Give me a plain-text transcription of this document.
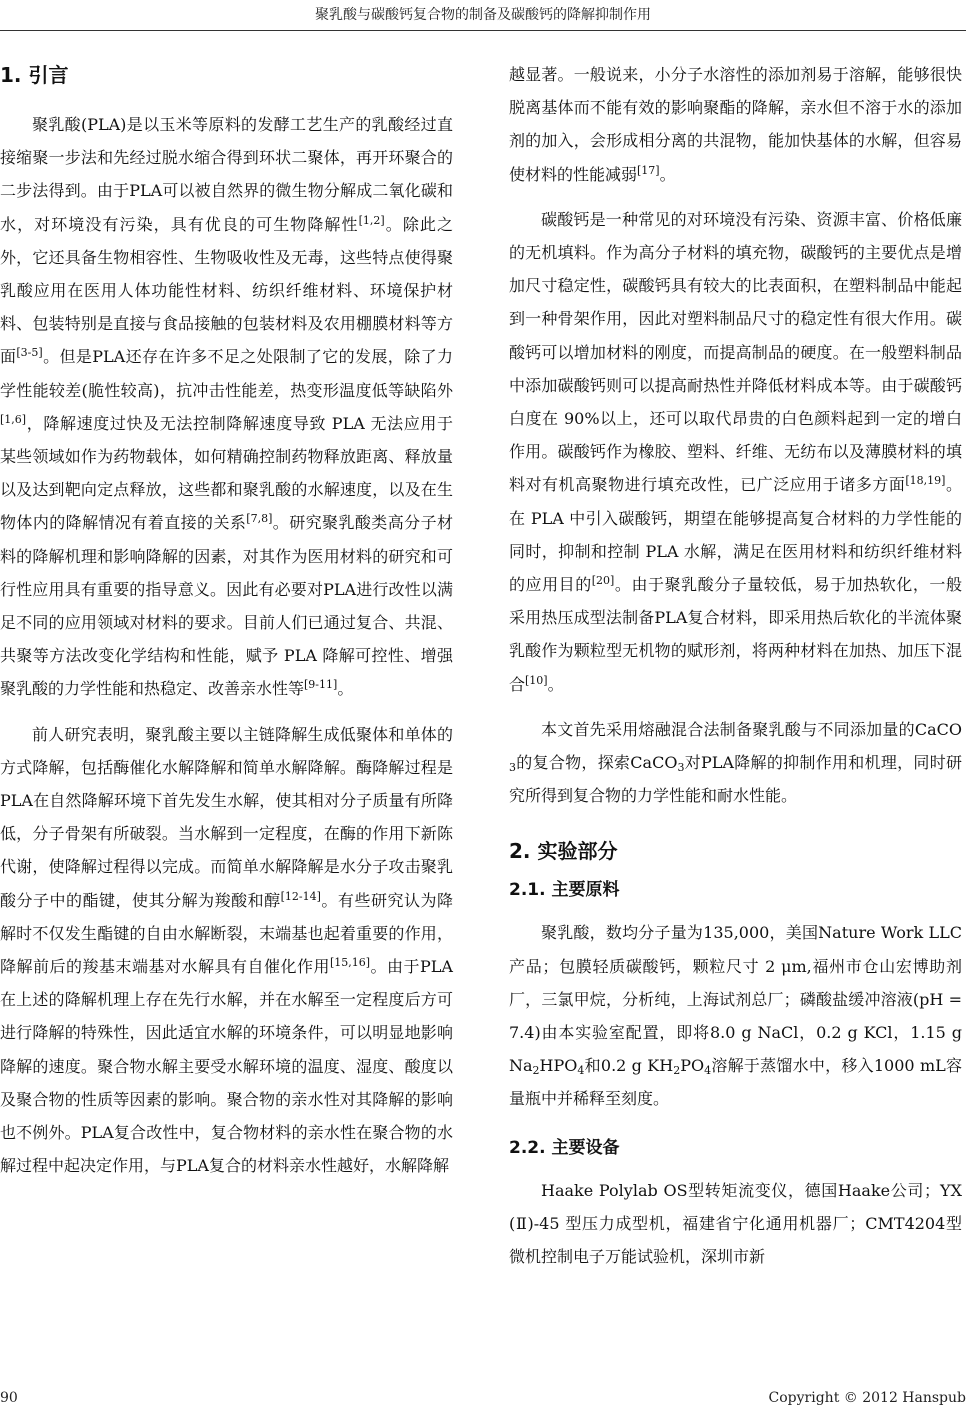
聚乳酸与碳酸钙复合物的制备及碳酸钙的降解抑制作用
1. 引言

聚乳酸(PLA)是以玉米等原料的发酵工艺生产的乳酸经过直接缩聚一步法和先经过脱水缩合得到环状二聚体，再开环聚合的二步法得到。由于PLA可以被自然界的微生物分解成二氧化碳和水，对环境没有污染，具有优良的可生物降解性[1,2]。除此之外，它还具备生物相容性、生物吸收性及无毒，这些特点使得聚乳酸应用在医用人体功能性材料、纺织纤维材料、环境保护材料、包装特别是直接与食品接触的包装材料及农用棚膜材料等方面[3-5]。但是PLA还存在许多不足之处限制了它的发展，除了力学性能较差(脆性较高)，抗冲击性能差，热变形温度低等缺陷外[1,6]，降解速度过快及无法控制降解速度导致 PLA 无法应用于某些领域如作为药物载体，如何精确控制药物释放距离、释放量以及达到靶向定点释放，这些都和聚乳酸的水解速度，以及在生物体内的降解情况有着直接的关系[7,8]。研究聚乳酸类高分子材料的降解机理和影响降解的因素，对其作为医用材料的研究和可行性应用具有重要的指导意义。因此有必要对PLA进行改性以满足不同的应用领域对材料的要求。目前人们已通过复合、共混、共聚等方法改变化学结构和性能，赋予 PLA 降解可控性、增强聚乳酸的力学性能和热稳定、改善亲水性等[9-11]。

前人研究表明，聚乳酸主要以主链降解生成低聚体和单体的方式降解，包括酶催化水解降解和简单水解降解。酶降解过程是PLA在自然降解环境下首先发生水解，使其相对分子质量有所降低，分子骨架有所破裂。当水解到一定程度，在酶的作用下新陈代谢，使降解过程得以完成。而简单水解降解是水分子攻击聚乳酸分子中的酯键，使其分解为羧酸和醇[12-14]。有些研究认为降解时不仅发生酯键的自由水解断裂，末端基也起着重要的作用，降解前后的羧基末端基对水解具有自催化作用[15,16]。由于PLA在上述的降解机理上存在先行水解，并在水解至一定程度后方可进行降解的特殊性，因此适宜水解的环境条件，可以明显地影响降解的速度。聚合物水解主要受水解环境的温度、湿度、酸度以及聚合物的性质等因素的影响。聚合物的亲水性对其降解的影响也不例外。PLA复合改性中，复合物材料的亲水性在聚合物的水解过程中起决定作用，与PLA复合的材料亲水性越好，水解降解

越显著。一般说来，小分子水溶性的添加剂易于溶解，能够很快脱离基体而不能有效的影响聚酯的降解，亲水但不溶于水的添加剂的加入，会形成相分离的共混物，能加快基体的水解，但容易使材料的性能减弱[17]。

碳酸钙是一种常见的对环境没有污染、资源丰富、价格低廉的无机填料。作为高分子材料的填充物，碳酸钙的主要优点是增加尺寸稳定性，碳酸钙具有较大的比表面积，在塑料制品中能起到一种骨架作用，因此对塑料制品尺寸的稳定性有很大作用。碳酸钙可以增加材料的刚度，而提高制品的硬度。在一般塑料制品中添加碳酸钙则可以提高耐热性并降低材料成本等。由于碳酸钙白度在 90%以上，还可以取代昂贵的白色颜料起到一定的增白作用。碳酸钙作为橡胶、塑料、纤维、无纺布以及薄膜材料的填料对有机高聚物进行填充改性，已广泛应用于诸多方面[18,19]。在 PLA 中引入碳酸钙，期望在能够提高复合材料的力学性能的同时，抑制和控制 PLA 水解，满足在医用材料和纺织纤维材料的应用目的[20]。由于聚乳酸分子量较低，易于加热软化，一般采用热压成型法制备PLA复合材料，即采用热后软化的半流体聚乳酸作为颗粒型无机物的赋形剂，将两种材料在加热、加压下混合[10]。

本文首先采用熔融混合法制备聚乳酸与不同添加量的CaCO$_3$的复合物，探索CaCO$_3$对PLA降解的抑制作用和机理，同时研究所得到复合物的力学性能和耐水性能。

2. 实验部分
2.1. 主要原料

聚乳酸，数均分子量为135,000，美国Nature Work LLC产品；包膜轻质碳酸钙，颗粒尺寸 2 μm,福州市仓山宏博助剂厂，三氯甲烷，分析纯，上海试剂总厂；磷酸盐缓冲溶液(pH = 7.4)由本实验室配置，即将8.0 g NaCl，0.2 g KCl，1.15 g $Na_2HPO_4$和0.2 g $KH_2PO_4$溶解于蒸馏水中，移入1000 mL容量瓶中并稀释至刻度。

2.2. 主要设备

Haake Polylab OS型转矩流变仪，德国Haake公司；YX(Ⅱ)-45 型压力成型机，福建省宁化通用机器厂；CMT4204型微机控制电子万能试验机，深圳市新

90	Copyright © 2012 Hanspub
